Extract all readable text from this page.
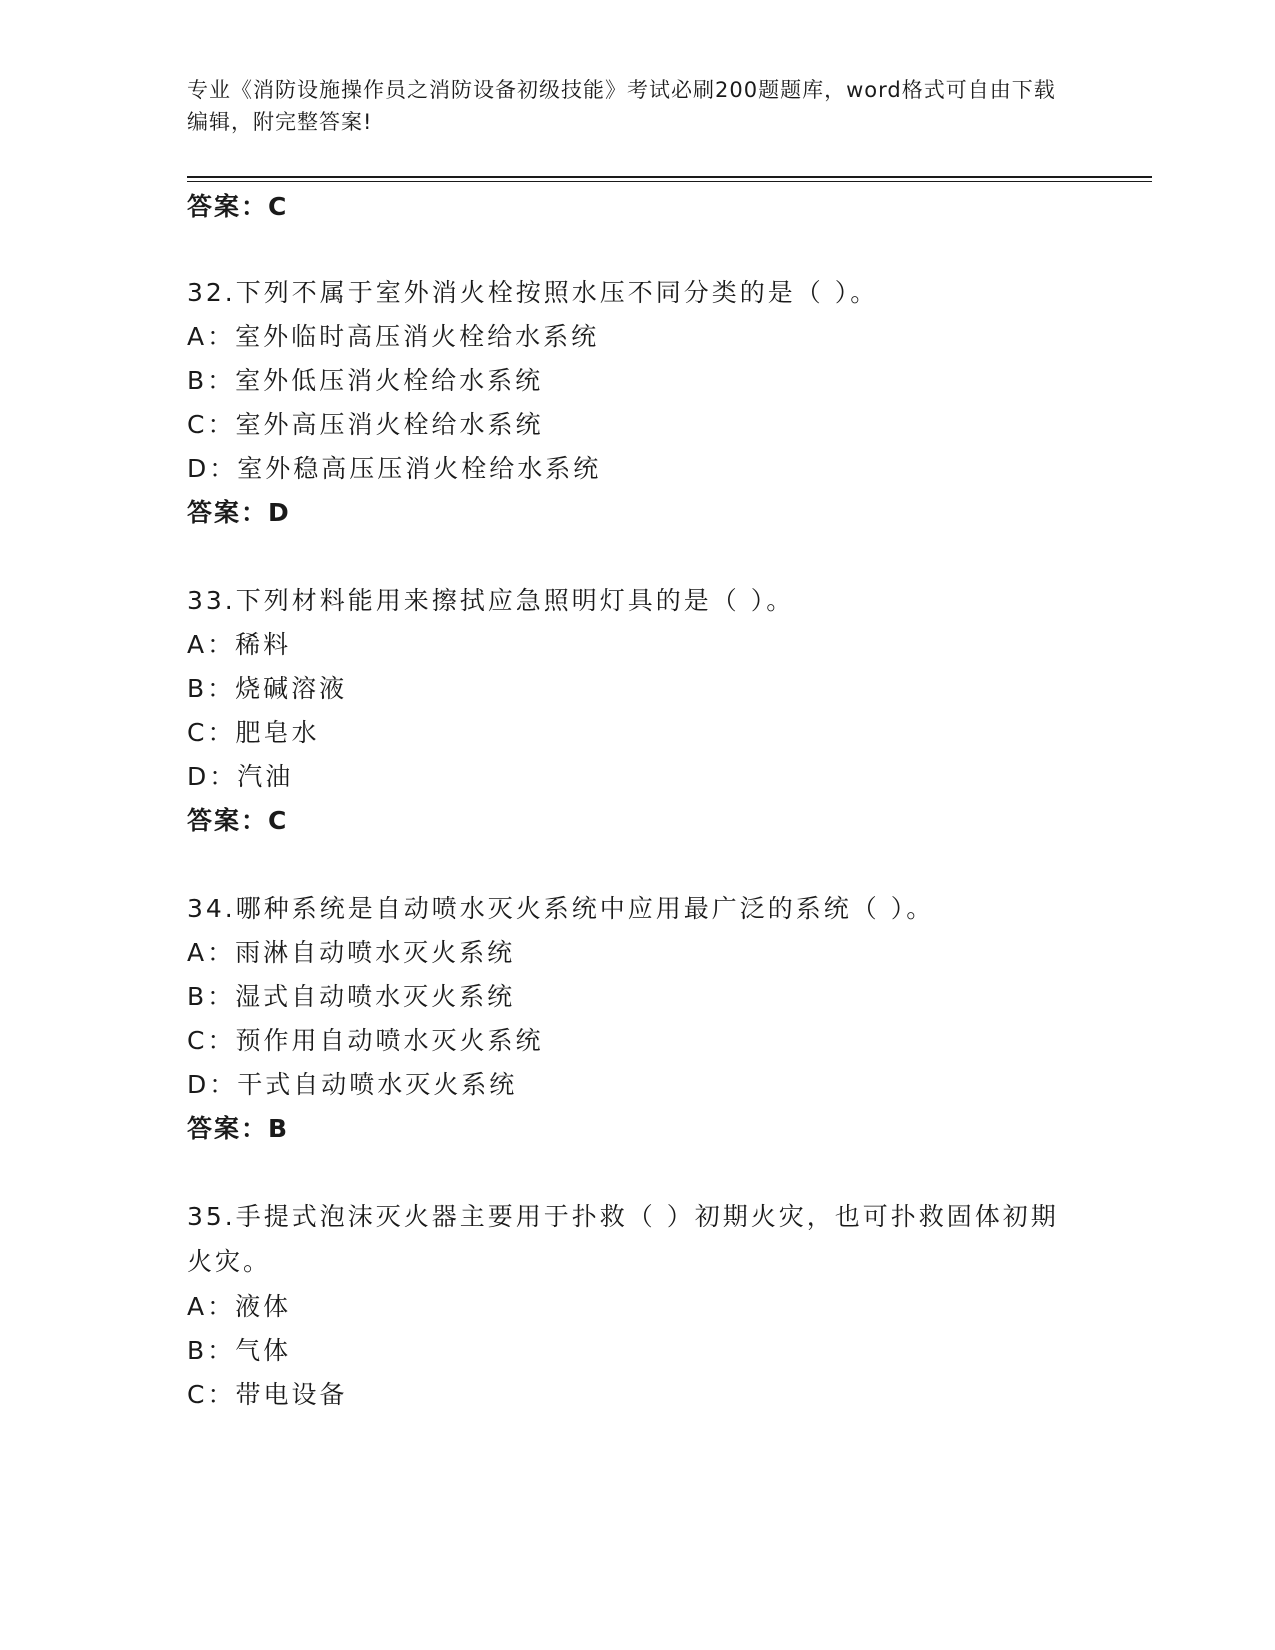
专业《消防设施操作员之消防设备初级技能》考试必刷200题题库，word格式可自由下载编辑，附完整答案!
答案：C
32.下列不属于室外消火栓按照水压不同分类的是（ ）。
A：室外临时高压消火栓给水系统
B：室外低压消火栓给水系统
C：室外高压消火栓给水系统
D：室外稳高压压消火栓给水系统
答案：D
33.下列材料能用来擦拭应急照明灯具的是（ ）。
A：稀料
B：烧碱溶液
C：肥皂水
D：汽油
答案：C
34.哪种系统是自动喷水灭火系统中应用最广泛的系统（ ）。
A：雨淋自动喷水灭火系统
B：湿式自动喷水灭火系统
C：预作用自动喷水灭火系统
D：干式自动喷水灭火系统
答案：B
35.手提式泡沫灭火器主要用于扑救（ ）初期火灾，也可扑救固体初期火灾。
A：液体
B：气体
C：带电设备
